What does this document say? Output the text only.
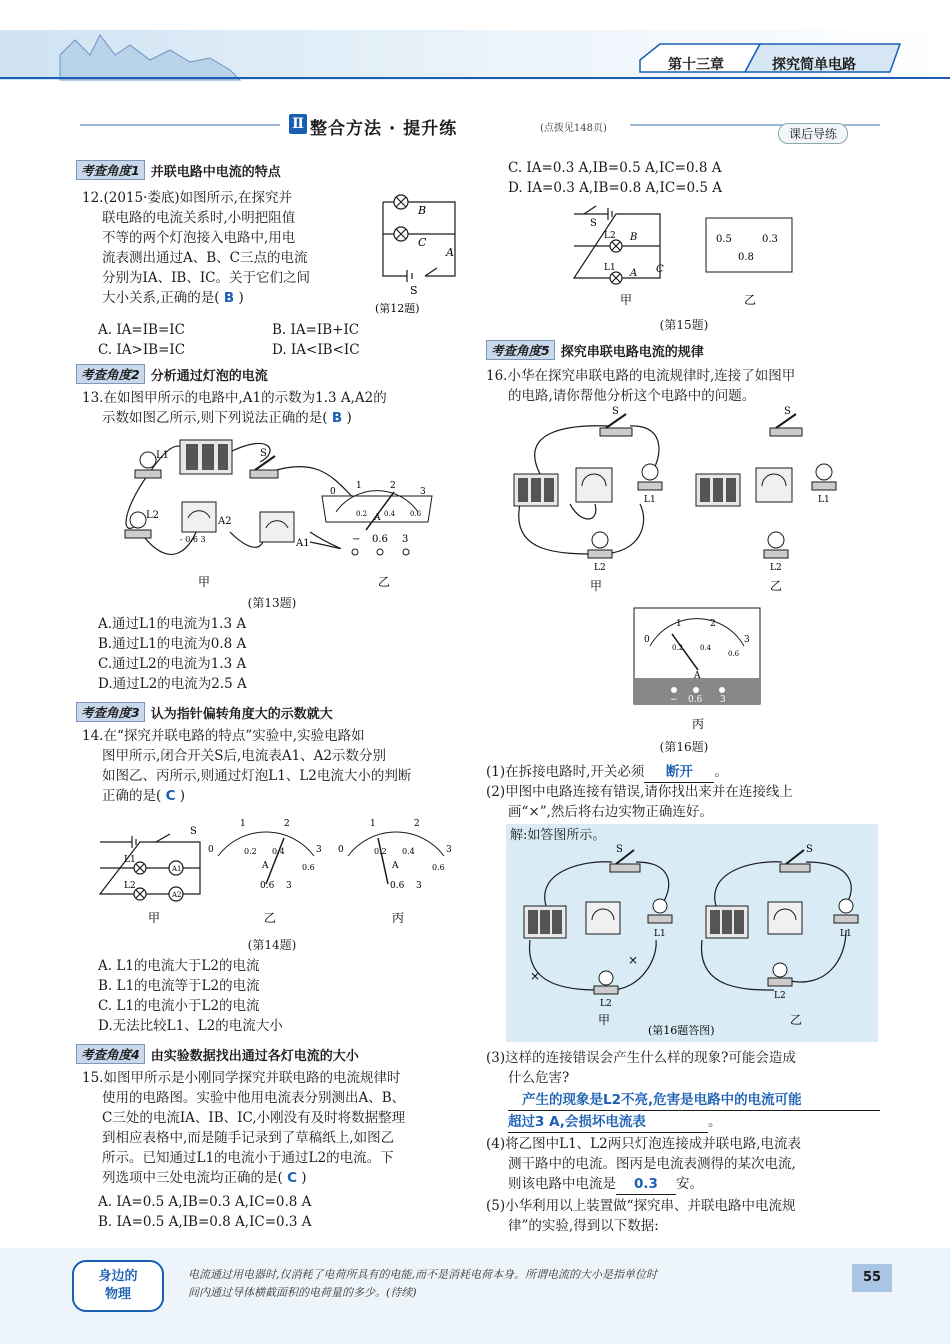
第十三章	探究简单电路
Ⅱ 整合方法 · 提升练	(点拨见148页)	课后导练
考查角度1 并联电路中电流的特点
12.(2015·娄底)如图所示,在探究并
联电路的电流关系时,小明把阻值
不等的两个灯泡接入电路中,用电
流表测出通过A、B、C三点的电流
分别为IA、IB、IC。关于它们之间
大小关系,正确的是( B )
B
C
A
S
(第12题)
A. IA=IB=IC	B. IA=IB+IC
C. IA>IB=IC	D. IA<IB<IC
考查角度2 分析通过灯泡的电流
13.在如图甲所示的电路中,A1的示数为1.3 A,A2的
示数如图乙所示,则下列说法正确的是( B )
L1
L2
S
A2
A1
- 0.6 3
甲
0
1	2
3
0.2 0.4 0.6
A
− 0.6 3
乙
(第13题)
A.通过L1的电流为1.3 A
B.通过L1的电流为0.8 A
C.通过L2的电流为1.3 A
D.通过L2的电流为2.5 A
考查角度3 认为指针偏转角度大的示数就大
14.在“探究并联电路的特点”实验中,实验电路如
图甲所示,闭合开关S后,电流表A1、A2示数分别
如图乙、丙所示,则通过灯泡L1、L2电流大小的判断
正确的是( C )
S
L1
L2
A1
A2
甲
0
1	2
3
0.2 0.4
0.6
A
0.6 3
乙
0
1	2
3
0.2 0.4
0.6
A
0.6 3
丙
(第14题)
A. L1的电流大于L2的电流
B. L1的电流等于L2的电流
C. L1的电流小于L2的电流
D.无法比较L1、L2的电流大小
考查角度4 由实验数据找出通过各灯电流的大小
15.如图甲所示是小刚同学探究并联电路的电流规律时
使用的电路图。实验中他用电流表分别测出A、B、
C三处的电流IA、IB、IC,小刚没有及时将数据整理
到相应表格中,而是随手记录到了草稿纸上,如图乙
所示。已知通过L1的电流小于通过L2的电流。下
列选项中三处电流均正确的是( C )
A. IA=0.5 A,IB=0.3 A,IC=0.8 A
B. IA=0.5 A,IB=0.8 A,IC=0.3 A
C. IA=0.3 A,IB=0.5 A,IC=0.8 A
D. IA=0.3 A,IB=0.8 A,IC=0.5 A
S
L2 B
L1 A C
甲
0.5	0.3
0.8
乙
(第15题)
考查角度5 探究串联电路电流的规律
16.小华在探究串联电路的电流规律时,连接了如图甲
的电路,请你帮他分析这个电路中的问题。
S
L1
L2
甲
S
L1
L2
乙
0
1	2
3
0.2 0.4
0.6
A
− 0.6 3
丙
(第16题)
(1)在拆接电路时,开关必须 断开 。
(2)甲图中电路连接有错误,请你找出来并在连接线上
画“×”,然后将右边实物正确连好。
解:如答图所示。
×
×
S
L1
L2
甲
S
L1
L2
乙
(第16题答图)
(3)这样的连接错误会产生什么样的现象?可能会造成
什么危害?
产生的现象是L2不亮,危害是电路中的电流可能
超过3 A,会损坏电流表	。
(4)将乙图中L1、L2两只灯泡连接成并联电路,电流表
测干路中的电流。图丙是电流表测得的某次电流,
则该电路中电流是 0.3 安。
(5)小华利用以上装置做“探究串、并联电路中电流规
律”的实验,得到以下数据:
身边的
物理
电流通过用电器时,仅消耗了电荷所具有的电能,而不是消耗电荷本身。所谓电流的大小是指单位时
间内通过导体横截面积的电荷量的多少。(待续)
55
